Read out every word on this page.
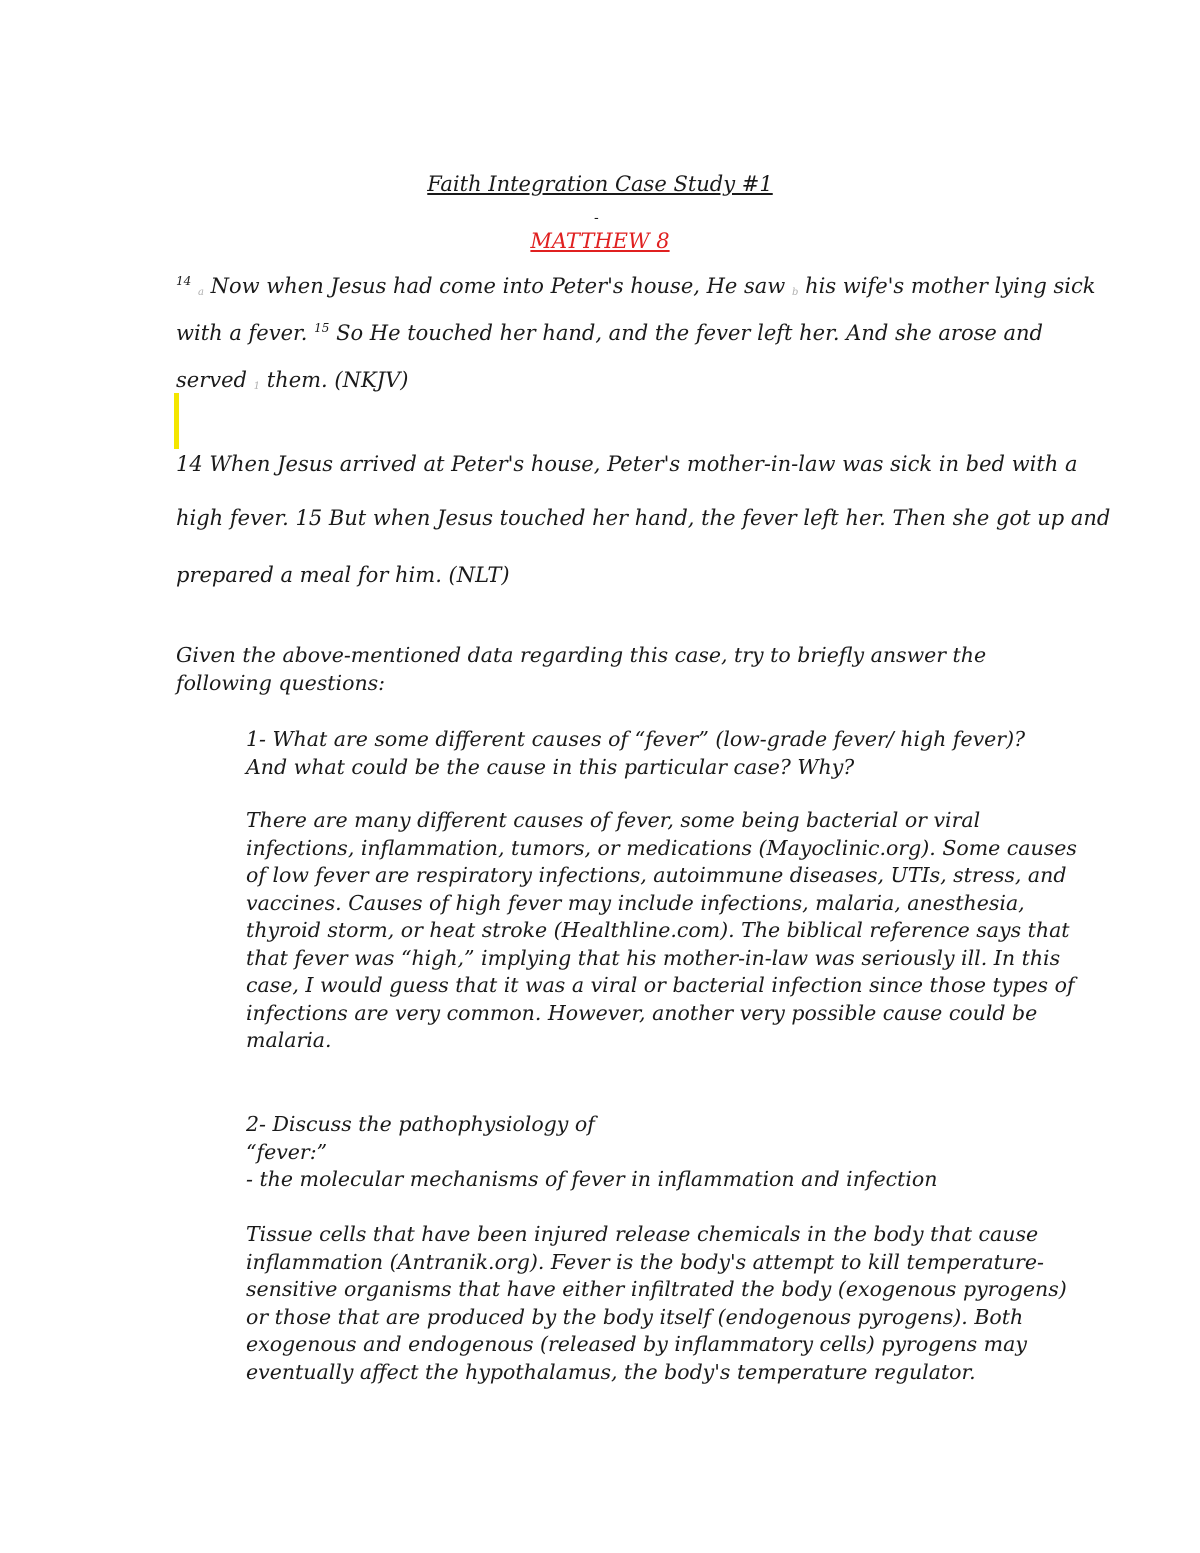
Faith Integration Case Study #1
-
MATTHEW 8
$^{14}$ a Now when Jesus had come into Peter's house, He saw b his wife's mother lying sick
with a fever. $^{15}$ So He touched her hand, and the fever left her. And she arose and
served 1 them. (NKJV)
14 When Jesus arrived at Peter's house, Peter's mother-in-law was sick in bed with a
high fever. 15 But when Jesus touched her hand, the fever left her. Then she got up and
prepared a meal for him. (NLT)
Given the above-mentioned data regarding this case, try to briefly answer the
following questions:
1- What are some different causes of “fever” (low-grade fever/ high fever)?
And what could be the cause in this particular case? Why?
There are many different causes of fever, some being bacterial or viral
infections, inflammation, tumors, or medications (Mayoclinic.org). Some causes
of low fever are respiratory infections, autoimmune diseases, UTIs, stress, and
vaccines. Causes of high fever may include infections, malaria, anesthesia,
thyroid storm, or heat stroke (Healthline.com). The biblical reference says that
that fever was “high,” implying that his mother-in-law was seriously ill. In this
case, I would guess that it was a viral or bacterial infection since those types of
infections are very common. However, another very possible cause could be
malaria.
2- Discuss the pathophysiology of
“fever:”
- the molecular mechanisms of fever in inflammation and infection
Tissue cells that have been injured release chemicals in the body that cause
inflammation (Antranik.org). Fever is the body's attempt to kill temperature-
sensitive organisms that have either infiltrated the body (exogenous pyrogens)
or those that are produced by the body itself (endogenous pyrogens). Both
exogenous and endogenous (released by inflammatory cells) pyrogens may
eventually affect the hypothalamus, the body's temperature regulator.
